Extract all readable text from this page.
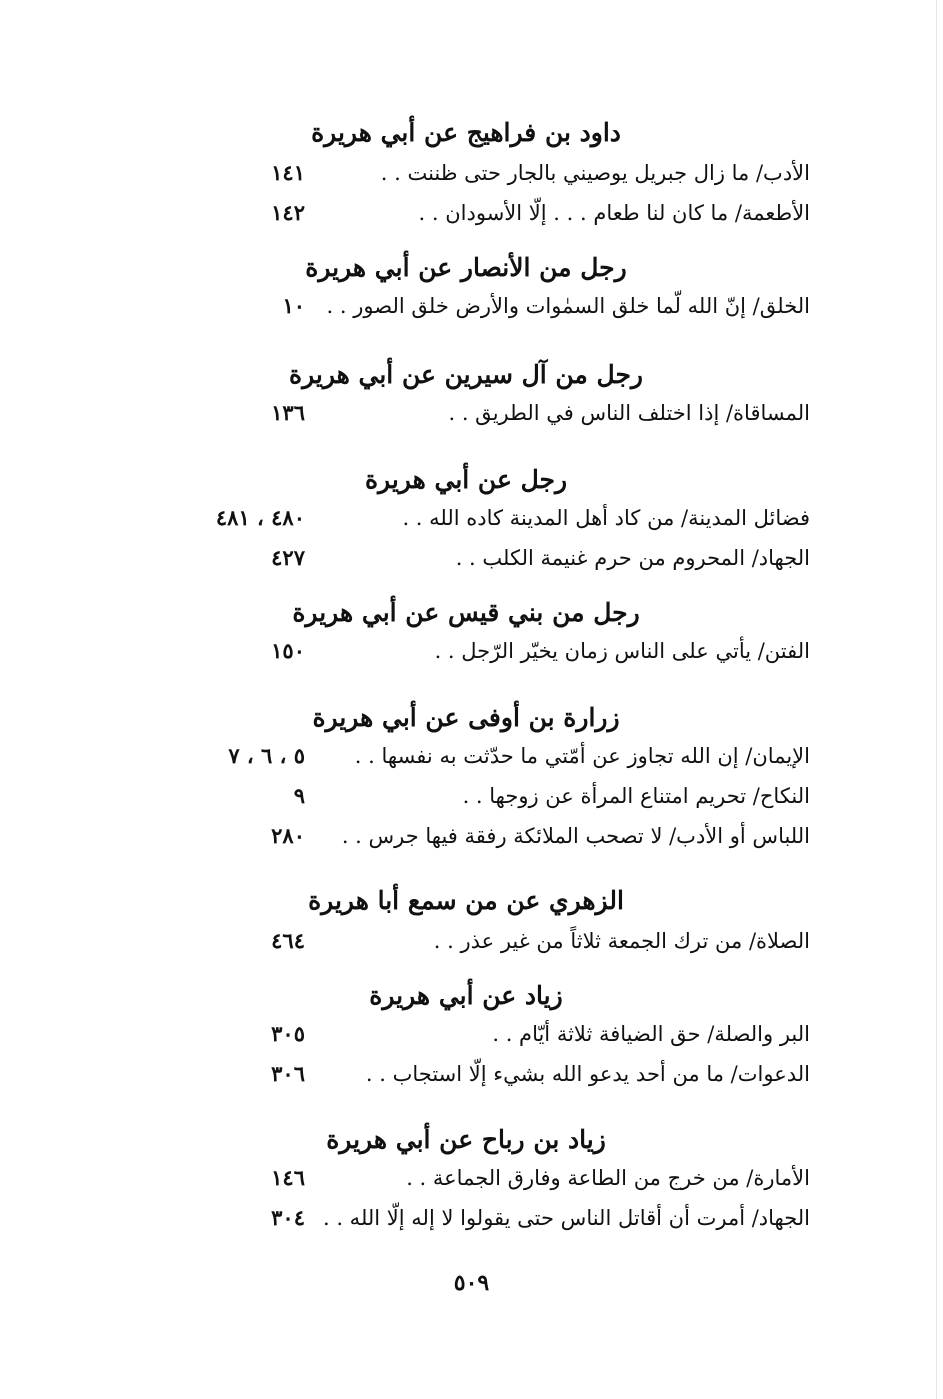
٥٠٩
داود بن فراهيج عن أبي هريرة
الأدب/ ما زال جبريل يوصيني بالجار حتى ظننت . .
١٤١
الأطعمة/ ما كان لنا طعام . . . إلّا الأسودان . .
١٤٢
رجل من الأنصار عن أبي هريرة
الخلق/ إنّ الله لّما خلق السمٰوات والأرض خلق الصور . .
١٠
رجل من آل سيرين عن أبي هريرة
المساقاة/ إذا اختلف الناس في الطريق . .
١٣٦
رجل عن أبي هريرة
فضائل المدينة/ من كاد أهل المدينة كاده الله . .
٤٨٠ ، ٤٨١
الجهاد/ المحروم من حرم غنيمة الكلب . .
٤٢٧
رجل من بني قيس عن أبي هريرة
الفتن/ يأتي على الناس زمان يخيّر الرّجل . .
١٥٠
زرارة بن أوفى عن أبي هريرة
الإيمان/ إن الله تجاوز عن أمّتي ما حدّثت به نفسها . .
٥ ، ٦ ، ٧
النكاح/ تحريم امتناع المرأة عن زوجها . .
٩
اللباس أو الأدب/ لا تصحب الملائكة رفقة فيها جرس . .
٢٨٠
الزهري عن من سمع أبا هريرة
الصلاة/ من ترك الجمعة ثلاثاً من غير عذر . .
٤٦٤
زياد عن أبي هريرة
البر والصلة/ حق الضيافة ثلاثة أيّام . .
٣٠٥
الدعوات/ ما من أحد يدعو الله بشيء إلّا استجاب . .
٣٠٦
زياد بن رباح عن أبي هريرة
الأمارة/ من خرج من الطاعة وفارق الجماعة . .
١٤٦
الجهاد/ أمرت أن أقاتل الناس حتى يقولوا لا إله إلّا الله . .
٣٠٤
